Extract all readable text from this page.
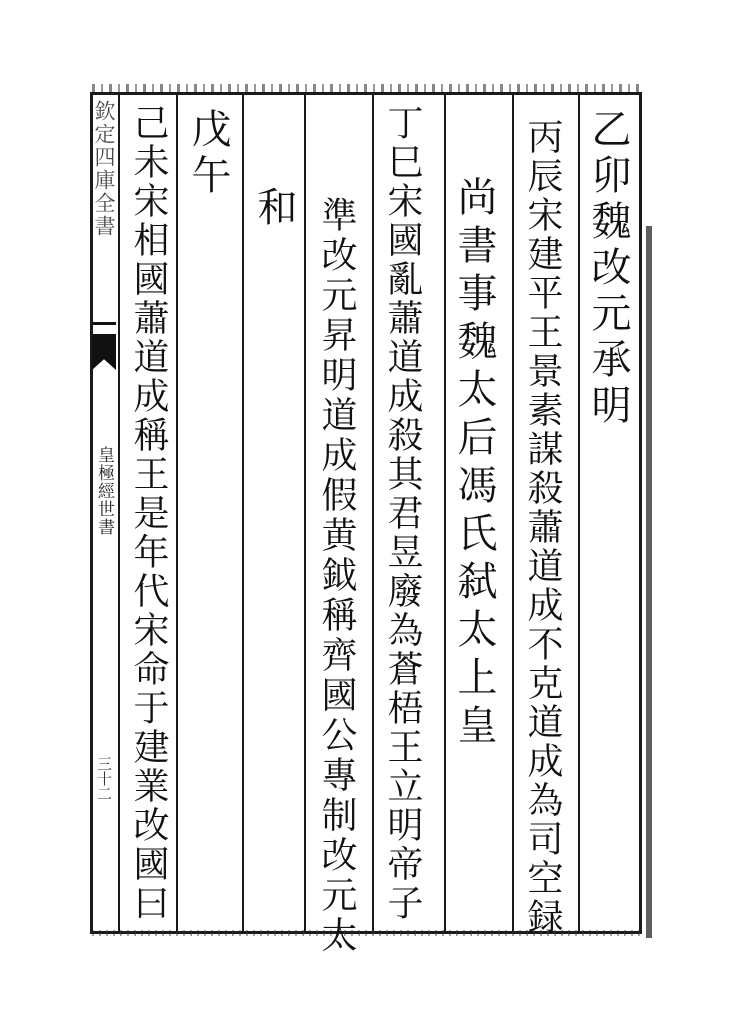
欽定四庫全書
皇極經世書
三十二
乙卯魏改元承明
丙辰宋建平王景素謀殺蕭道成不克道成為司空録
尚書事魏太后馮氏弑太上皇
丁巳宋國亂蕭道成殺其君昱廢為蒼梧王立明帝子
準改元昇明道成假黄鉞稱齊國公專制改元太
和
戊午
己未宋相國蕭道成稱王是年代宋命于建業改國曰
